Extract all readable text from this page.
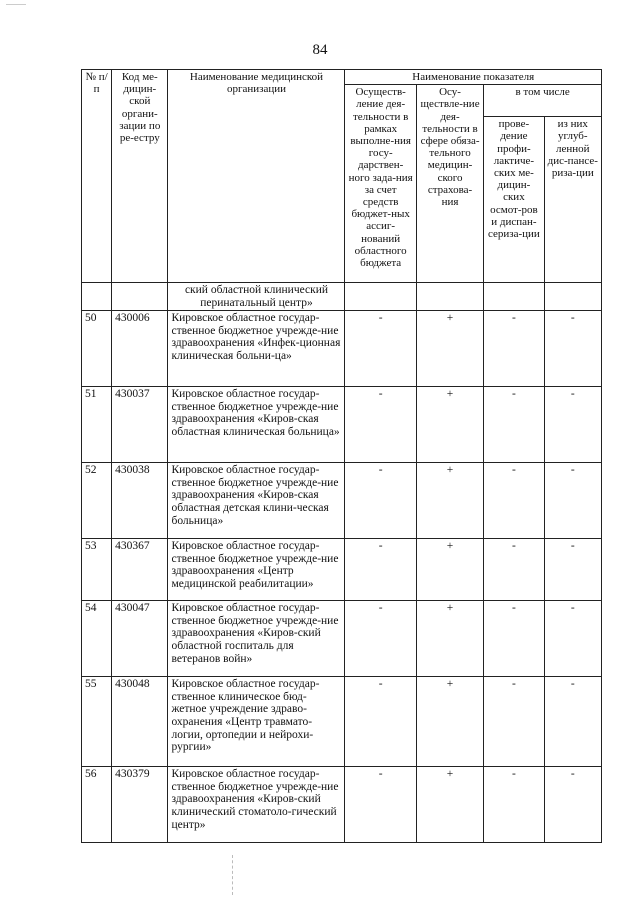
84
№ п/п	Код ме-дицин-ской органи-зации по ре-естру	Наименование медицинской организации	Наименование показателя			
			Осуществ-ление дея-тельности в рамках выполне-ния госу-дарствен-ного зада-ния за счет средств бюджет-ных ассиг-нований областного бюджета	Осу-ществле-ние дея-тельности в сфере обяза-тельного медицин-ского страхова-ния	в том числе	
					прове-дение профи-лактиче-ских ме-дицин-ских осмот-ров и диспан-сериза-ции	из них углуб-ленной дис-пансе-риза-ции
		ский областной клинический перинатальный центр»				
50	430006	Кировское областное государ-ственное бюджетное учрежде-ние здравоохранения «Инфек-ционная клиническая больни-ца»	-	+	-	-
51	430037	Кировское областное государ-ственное бюджетное учрежде-ние здравоохранения «Киров-ская областная клиническая больница»	-	+	-	-
52	430038	Кировское областное государ-ственное бюджетное учрежде-ние здравоохранения «Киров-ская областная детская клини-ческая больница»	-	+	-	-
53	430367	Кировское областное государ-ственное бюджетное учрежде-ние здравоохранения «Центр медицинской реабилитации»	-	+	-	-
54	430047	Кировское областное государ-ственное бюджетное учрежде-ние здравоохранения «Киров-ский областной госпиталь для ветеранов войн»	-	+	-	-
55	430048	Кировское областное государ-ственное клиническое бюд-жетное учреждение здраво-охранения «Центр травмато-логии, ортопедии и нейрохи-рургии»	-	+	-	-
56	430379	Кировское областное государ-ственное бюджетное учрежде-ние здравоохранения «Киров-ский клинический стоматоло-гический центр»	-	+	-	-
